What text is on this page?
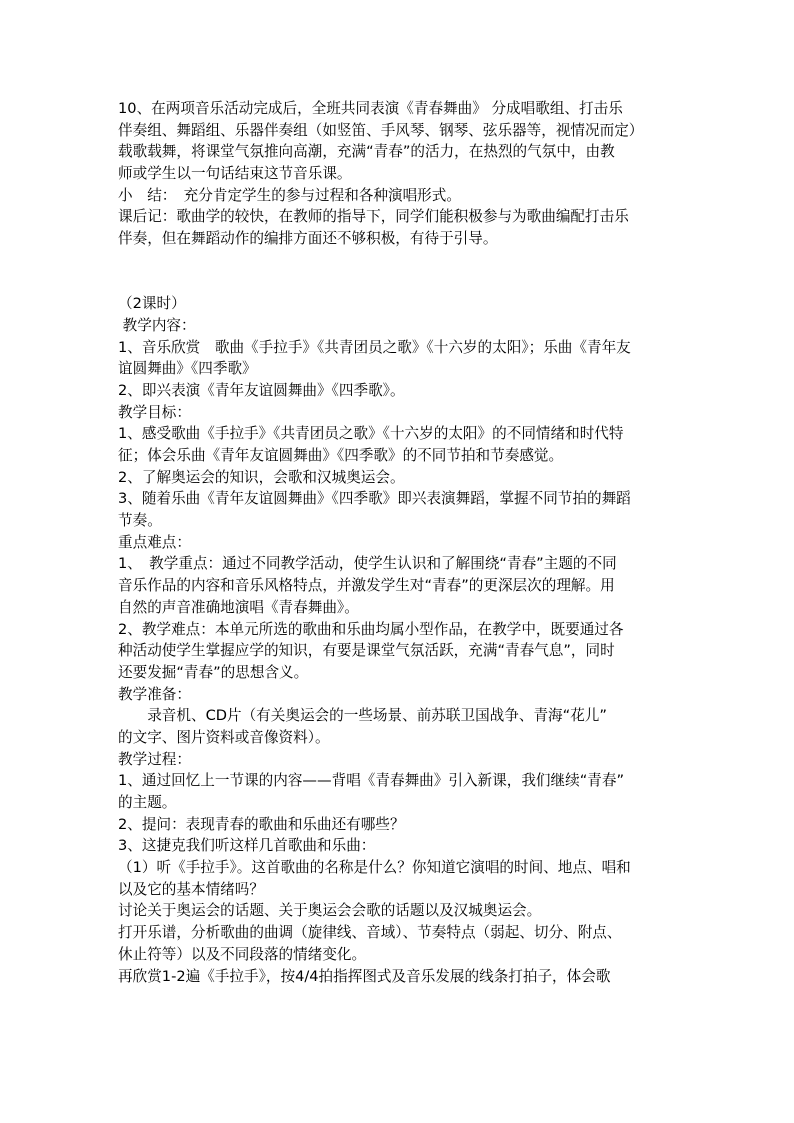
10、在两项音乐活动完成后，全班共同表演《青春舞曲》 分成唱歌组、打击乐
伴奏组、舞蹈组、乐器伴奏组（如竖笛、手风琴、钢琴、弦乐器等，视情况而定）
载歌载舞，将课堂气氛推向高潮，充满“青春”的活力，在热烈的气氛中，由教
师或学生以一句话结束这节音乐课。
小　结：　充分肯定学生的参与过程和各种演唱形式。
课后记：歌曲学的较快，在教师的指导下，同学们能积极参与为歌曲编配打击乐
伴奏，但在舞蹈动作的编排方面还不够积极，有待于引导。
（2课时）
教学内容：
1、音乐欣赏　歌曲《手拉手》《共青团员之歌》《十六岁的太阳》；乐曲《青年友
谊圆舞曲》《四季歌》
2、即兴表演《青年友谊圆舞曲》《四季歌》。
教学目标：
1、感受歌曲《手拉手》《共青团员之歌》《十六岁的太阳》的不同情绪和时代特
征；体会乐曲《青年友谊圆舞曲》《四季歌》的不同节拍和节奏感觉。
2、了解奥运会的知识，会歌和汉城奥运会。
3、随着乐曲《青年友谊圆舞曲》《四季歌》即兴表演舞蹈，掌握不同节拍的舞蹈
节奏。
重点难点：
1、　教学重点：通过不同教学活动，使学生认识和了解围绕“青春”主题的不同
音乐作品的内容和音乐风格特点，并激发学生对“青春”的更深层次的理解。用
自然的声音准确地演唱《青春舞曲》。
2、教学难点：本单元所选的歌曲和乐曲均属小型作品，在教学中，既要通过各
种活动使学生掌握应学的知识，有要是课堂气氛活跃，充满“青春气息”，同时
还要发掘“青春”的思想含义。
教学准备：
　　录音机、CD片（有关奥运会的一些场景、前苏联卫国战争、青海“花儿”
的文字、图片资料或音像资料）。
教学过程：
1、通过回忆上一节课的内容——背唱《青春舞曲》引入新课，我们继续“青春”
的主题。
2、提问：表现青春的歌曲和乐曲还有哪些？
3、这捷克我们听这样几首歌曲和乐曲：
（1）听《手拉手》。这首歌曲的名称是什么？你知道它演唱的时间、地点、唱和
以及它的基本情绪吗？
讨论关于奥运会的话题、关于奥运会会歌的话题以及汉城奥运会。
打开乐谱，分析歌曲的曲调（旋律线、音域）、节奏特点（弱起、切分、附点、
休止符等）以及不同段落的情绪变化。
再欣赏1-2遍《手拉手》，按4/4拍指挥图式及音乐发展的线条打拍子，体会歌
